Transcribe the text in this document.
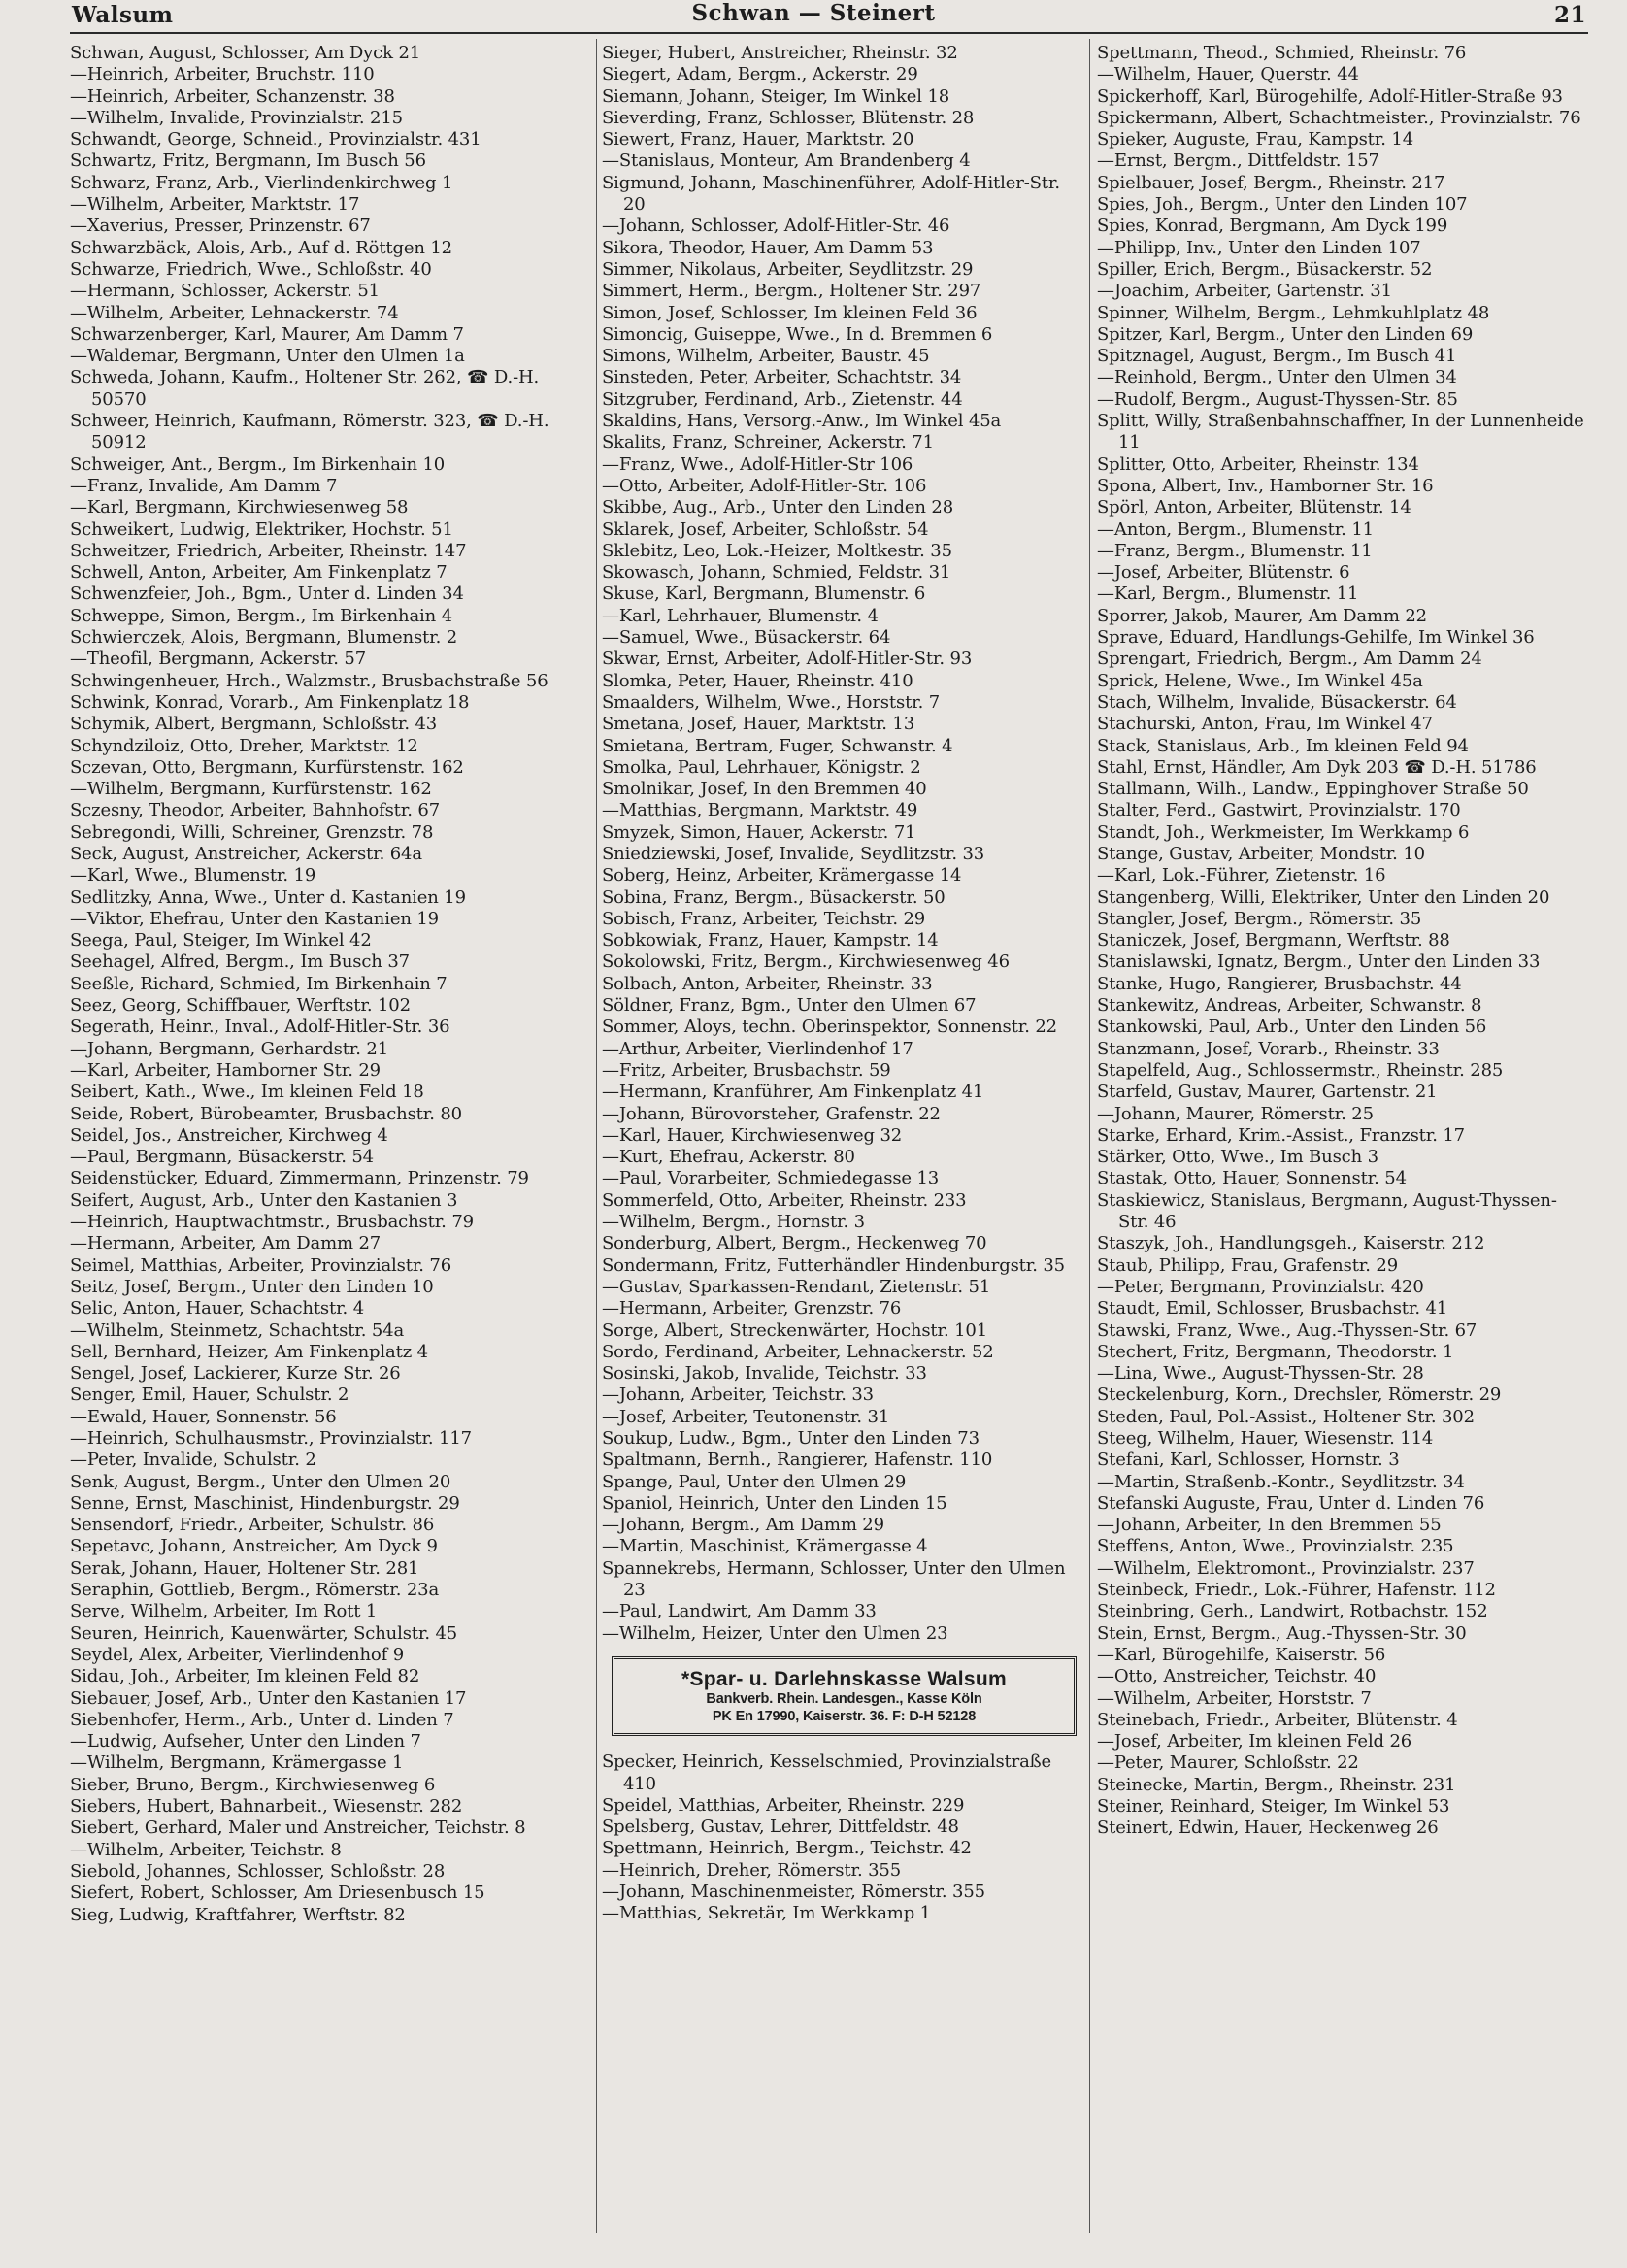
Schwan — Steinert
Walsum	21
Schwan, August, Schlosser, Am Dyck 21
—Heinrich, Arbeiter, Bruchstr. 110
—Heinrich, Arbeiter, Schanzenstr. 38
—Wilhelm, Invalide, Provinzialstr. 215
Schwandt, George, Schneid., Provinzialstr. 431
Schwartz, Fritz, Bergmann, Im Busch 56
Schwarz, Franz, Arb., Vierlindenkirchweg 1
—Wilhelm, Arbeiter, Marktstr. 17
—Xaverius, Presser, Prinzenstr. 67
Schwarzbäck, Alois, Arb., Auf d. Röttgen 12
Schwarze, Friedrich, Wwe., Schloßstr. 40
—Hermann, Schlosser, Ackerstr. 51
—Wilhelm, Arbeiter, Lehnackerstr. 74
Schwarzenberger, Karl, Maurer, Am Damm 7
—Waldemar, Bergmann, Unter den Ulmen 1a
Schweda, Johann, Kaufm., Holtener Str. 262, ☎ D.-H. 50570
Schweer, Heinrich, Kaufmann, Römerstr. 323, ☎ D.-H. 50912
Schweiger, Ant., Bergm., Im Birkenhain 10
—Franz, Invalide, Am Damm 7
—Karl, Bergmann, Kirchwiesenweg 58
Schweikert, Ludwig, Elektriker, Hochstr. 51
Schweitzer, Friedrich, Arbeiter, Rheinstr. 147
Schwell, Anton, Arbeiter, Am Finkenplatz 7
Schwenzfeier, Joh., Bgm., Unter d. Linden 34
Schweppe, Simon, Bergm., Im Birkenhain 4
Schwierczek, Alois, Bergmann, Blumenstr. 2
—Theofil, Bergmann, Ackerstr. 57
Schwingenheuer, Hrch., Walzmstr., Brusbachstraße 56
Schwink, Konrad, Vorarb., Am Finkenplatz 18
Schymik, Albert, Bergmann, Schloßstr. 43
Schyndziloiz, Otto, Dreher, Marktstr. 12
Sczevan, Otto, Bergmann, Kurfürstenstr. 162
—Wilhelm, Bergmann, Kurfürstenstr. 162
Sczesny, Theodor, Arbeiter, Bahnhofstr. 67
Sebregondi, Willi, Schreiner, Grenzstr. 78
Seck, August, Anstreicher, Ackerstr. 64a
—Karl, Wwe., Blumenstr. 19
Sedlitzky, Anna, Wwe., Unter d. Kastanien 19
—Viktor, Ehefrau, Unter den Kastanien 19
Seega, Paul, Steiger, Im Winkel 42
Seehagel, Alfred, Bergm., Im Busch 37
Seeßle, Richard, Schmied, Im Birkenhain 7
Seez, Georg, Schiffbauer, Werftstr. 102
Segerath, Heinr., Inval., Adolf-Hitler-Str. 36
—Johann, Bergmann, Gerhardstr. 21
—Karl, Arbeiter, Hamborner Str. 29
Seibert, Kath., Wwe., Im kleinen Feld 18
Seide, Robert, Bürobeamter, Brusbachstr. 80
Seidel, Jos., Anstreicher, Kirchweg 4
—Paul, Bergmann, Büsackerstr. 54
Seidenstücker, Eduard, Zimmermann, Prinzenstr. 79
Seifert, August, Arb., Unter den Kastanien 3
—Heinrich, Hauptwachtmstr., Brusbachstr. 79
—Hermann, Arbeiter, Am Damm 27
Seimel, Matthias, Arbeiter, Provinzialstr. 76
Seitz, Josef, Bergm., Unter den Linden 10
Selic, Anton, Hauer, Schachtstr. 4
—Wilhelm, Steinmetz, Schachtstr. 54a
Sell, Bernhard, Heizer, Am Finkenplatz 4
Sengel, Josef, Lackierer, Kurze Str. 26
Senger, Emil, Hauer, Schulstr. 2
—Ewald, Hauer, Sonnenstr. 56
—Heinrich, Schulhausmstr., Provinzialstr. 117
—Peter, Invalide, Schulstr. 2
Senk, August, Bergm., Unter den Ulmen 20
Senne, Ernst, Maschinist, Hindenburgstr. 29
Sensendorf, Friedr., Arbeiter, Schulstr. 86
Sepetavc, Johann, Anstreicher, Am Dyck 9
Serak, Johann, Hauer, Holtener Str. 281
Seraphin, Gottlieb, Bergm., Römerstr. 23a
Serve, Wilhelm, Arbeiter, Im Rott 1
Seuren, Heinrich, Kauenwärter, Schulstr. 45
Seydel, Alex, Arbeiter, Vierlindenhof 9
Sidau, Joh., Arbeiter, Im kleinen Feld 82
Siebauer, Josef, Arb., Unter den Kastanien 17
Siebenhofer, Herm., Arb., Unter d. Linden 7
—Ludwig, Aufseher, Unter den Linden 7
—Wilhelm, Bergmann, Krämergasse 1
Sieber, Bruno, Bergm., Kirchwiesenweg 6
Siebers, Hubert, Bahnarbeit., Wiesenstr. 282
Siebert, Gerhard, Maler und Anstreicher, Teichstr. 8
—Wilhelm, Arbeiter, Teichstr. 8
Siebold, Johannes, Schlosser, Schloßstr. 28
Siefert, Robert, Schlosser, Am Driesenbusch 15
Sieg, Ludwig, Kraftfahrer, Werftstr. 82
Sieger, Hubert, Anstreicher, Rheinstr. 32
Siegert, Adam, Bergm., Ackerstr. 29
Siemann, Johann, Steiger, Im Winkel 18
Sieverding, Franz, Schlosser, Blütenstr. 28
Siewert, Franz, Hauer, Marktstr. 20
—Stanislaus, Monteur, Am Brandenberg 4
Sigmund, Johann, Maschinenführer, Adolf-Hitler-Str. 20
—Johann, Schlosser, Adolf-Hitler-Str. 46
Sikora, Theodor, Hauer, Am Damm 53
Simmer, Nikolaus, Arbeiter, Seydlitzstr. 29
Simmert, Herm., Bergm., Holtener Str. 297
Simon, Josef, Schlosser, Im kleinen Feld 36
Simoncig, Guiseppe, Wwe., In d. Bremmen 6
Simons, Wilhelm, Arbeiter, Baustr. 45
Sinsteden, Peter, Arbeiter, Schachtstr. 34
Sitzgruber, Ferdinand, Arb., Zietenstr. 44
Skaldins, Hans, Versorg.-Anw., Im Winkel 45a
Skalits, Franz, Schreiner, Ackerstr. 71
—Franz, Wwe., Adolf-Hitler-Str 106
—Otto, Arbeiter, Adolf-Hitler-Str. 106
Skibbe, Aug., Arb., Unter den Linden 28
Sklarek, Josef, Arbeiter, Schloßstr. 54
Sklebitz, Leo, Lok.-Heizer, Moltkestr. 35
Skowasch, Johann, Schmied, Feldstr. 31
Skuse, Karl, Bergmann, Blumenstr. 6
—Karl, Lehrhauer, Blumenstr. 4
—Samuel, Wwe., Büsackerstr. 64
Skwar, Ernst, Arbeiter, Adolf-Hitler-Str. 93
Slomka, Peter, Hauer, Rheinstr. 410
Smaalders, Wilhelm, Wwe., Horststr. 7
Smetana, Josef, Hauer, Marktstr. 13
Smietana, Bertram, Fuger, Schwanstr. 4
Smolka, Paul, Lehrhauer, Königstr. 2
Smolnikar, Josef, In den Bremmen 40
—Matthias, Bergmann, Marktstr. 49
Smyzek, Simon, Hauer, Ackerstr. 71
Sniedziewski, Josef, Invalide, Seydlitzstr. 33
Soberg, Heinz, Arbeiter, Krämergasse 14
Sobina, Franz, Bergm., Büsackerstr. 50
Sobisch, Franz, Arbeiter, Teichstr. 29
Sobkowiak, Franz, Hauer, Kampstr. 14
Sokolowski, Fritz, Bergm., Kirchwiesenweg 46
Solbach, Anton, Arbeiter, Rheinstr. 33
Söldner, Franz, Bgm., Unter den Ulmen 67
Sommer, Aloys, techn. Oberinspektor, Sonnenstr. 22
—Arthur, Arbeiter, Vierlindenhof 17
—Fritz, Arbeiter, Brusbachstr. 59
—Hermann, Kranführer, Am Finkenplatz 41
—Johann, Bürovorsteher, Grafenstr. 22
—Karl, Hauer, Kirchwiesenweg 32
—Kurt, Ehefrau, Ackerstr. 80
—Paul, Vorarbeiter, Schmiedegasse 13
Sommerfeld, Otto, Arbeiter, Rheinstr. 233
—Wilhelm, Bergm., Hornstr. 3
Sonderburg, Albert, Bergm., Heckenweg 70
Sondermann, Fritz, Futterhändler Hindenburgstr. 35
—Gustav, Sparkassen-Rendant, Zietenstr. 51
—Hermann, Arbeiter, Grenzstr. 76
Sorge, Albert, Streckenwärter, Hochstr. 101
Sordo, Ferdinand, Arbeiter, Lehnackerstr. 52
Sosinski, Jakob, Invalide, Teichstr. 33
—Johann, Arbeiter, Teichstr. 33
—Josef, Arbeiter, Teutonenstr. 31
Soukup, Ludw., Bgm., Unter den Linden 73
Spaltmann, Bernh., Rangierer, Hafenstr. 110
Spange, Paul, Unter den Ulmen 29
Spaniol, Heinrich, Unter den Linden 15
—Johann, Bergm., Am Damm 29
—Martin, Maschinist, Krämergasse 4
Spannekrebs, Hermann, Schlosser, Unter den Ulmen 23
—Paul, Landwirt, Am Damm 33
—Wilhelm, Heizer, Unter den Ulmen 23
*Spar- u. Darlehnskasse Walsum
Bankverb. Rhein. Landesgen., Kasse Köln
PK En 17990, Kaiserstr. 36. F: D-H 52128
Specker, Heinrich, Kesselschmied, Provinzialstraße 410
Speidel, Matthias, Arbeiter, Rheinstr. 229
Spelsberg, Gustav, Lehrer, Dittfeldstr. 48
Spettmann, Heinrich, Bergm., Teichstr. 42
—Heinrich, Dreher, Römerstr. 355
—Johann, Maschinenmeister, Römerstr. 355
—Matthias, Sekretär, Im Werkkamp 1
Spettmann, Theod., Schmied, Rheinstr. 76
—Wilhelm, Hauer, Querstr. 44
Spickerhoff, Karl, Bürogehilfe, Adolf-Hitler-Straße 93
Spickermann, Albert, Schachtmeister., Provinzialstr. 76
Spieker, Auguste, Frau, Kampstr. 14
—Ernst, Bergm., Dittfeldstr. 157
Spielbauer, Josef, Bergm., Rheinstr. 217
Spies, Joh., Bergm., Unter den Linden 107
Spies, Konrad, Bergmann, Am Dyck 199
—Philipp, Inv., Unter den Linden 107
Spiller, Erich, Bergm., Büsackerstr. 52
—Joachim, Arbeiter, Gartenstr. 31
Spinner, Wilhelm, Bergm., Lehmkuhlplatz 48
Spitzer, Karl, Bergm., Unter den Linden 69
Spitznagel, August, Bergm., Im Busch 41
—Reinhold, Bergm., Unter den Ulmen 34
—Rudolf, Bergm., August-Thyssen-Str. 85
Splitt, Willy, Straßenbahnschaffner, In der Lunnenheide 11
Splitter, Otto, Arbeiter, Rheinstr. 134
Spona, Albert, Inv., Hamborner Str. 16
Spörl, Anton, Arbeiter, Blütenstr. 14
—Anton, Bergm., Blumenstr. 11
—Franz, Bergm., Blumenstr. 11
—Josef, Arbeiter, Blütenstr. 6
—Karl, Bergm., Blumenstr. 11
Sporrer, Jakob, Maurer, Am Damm 22
Sprave, Eduard, Handlungs-Gehilfe, Im Winkel 36
Sprengart, Friedrich, Bergm., Am Damm 24
Sprick, Helene, Wwe., Im Winkel 45a
Stach, Wilhelm, Invalide, Büsackerstr. 64
Stachurski, Anton, Frau, Im Winkel 47
Stack, Stanislaus, Arb., Im kleinen Feld 94
Stahl, Ernst, Händler, Am Dyk 203 ☎ D.-H. 51786
Stallmann, Wilh., Landw., Eppinghover Straße 50
Stalter, Ferd., Gastwirt, Provinzialstr. 170
Standt, Joh., Werkmeister, Im Werkkamp 6
Stange, Gustav, Arbeiter, Mondstr. 10
—Karl, Lok.-Führer, Zietenstr. 16
Stangenberg, Willi, Elektriker, Unter den Linden 20
Stangler, Josef, Bergm., Römerstr. 35
Staniczek, Josef, Bergmann, Werftstr. 88
Stanislawski, Ignatz, Bergm., Unter den Linden 33
Stanke, Hugo, Rangierer, Brusbachstr. 44
Stankewitz, Andreas, Arbeiter, Schwanstr. 8
Stankowski, Paul, Arb., Unter den Linden 56
Stanzmann, Josef, Vorarb., Rheinstr. 33
Stapelfeld, Aug., Schlossermstr., Rheinstr. 285
Starfeld, Gustav, Maurer, Gartenstr. 21
—Johann, Maurer, Römerstr. 25
Starke, Erhard, Krim.-Assist., Franzstr. 17
Stärker, Otto, Wwe., Im Busch 3
Stastak, Otto, Hauer, Sonnenstr. 54
Staskiewicz, Stanislaus, Bergmann, August-Thyssen-Str. 46
Staszyk, Joh., Handlungsgeh., Kaiserstr. 212
Staub, Philipp, Frau, Grafenstr. 29
—Peter, Bergmann, Provinzialstr. 420
Staudt, Emil, Schlosser, Brusbachstr. 41
Stawski, Franz, Wwe., Aug.-Thyssen-Str. 67
Stechert, Fritz, Bergmann, Theodorstr. 1
—Lina, Wwe., August-Thyssen-Str. 28
Steckelenburg, Korn., Drechsler, Römerstr. 29
Steden, Paul, Pol.-Assist., Holtener Str. 302
Steeg, Wilhelm, Hauer, Wiesenstr. 114
Stefani, Karl, Schlosser, Hornstr. 3
—Martin, Straßenb.-Kontr., Seydlitzstr. 34
Stefanski Auguste, Frau, Unter d. Linden 76
—Johann, Arbeiter, In den Bremmen 55
Steffens, Anton, Wwe., Provinzialstr. 235
—Wilhelm, Elektromont., Provinzialstr. 237
Steinbeck, Friedr., Lok.-Führer, Hafenstr. 112
Steinbring, Gerh., Landwirt, Rotbachstr. 152
Stein, Ernst, Bergm., Aug.-Thyssen-Str. 30
—Karl, Bürogehilfe, Kaiserstr. 56
—Otto, Anstreicher, Teichstr. 40
—Wilhelm, Arbeiter, Horststr. 7
Steinebach, Friedr., Arbeiter, Blütenstr. 4
—Josef, Arbeiter, Im kleinen Feld 26
—Peter, Maurer, Schloßstr. 22
Steinecke, Martin, Bergm., Rheinstr. 231
Steiner, Reinhard, Steiger, Im Winkel 53
Steinert, Edwin, Hauer, Heckenweg 26
